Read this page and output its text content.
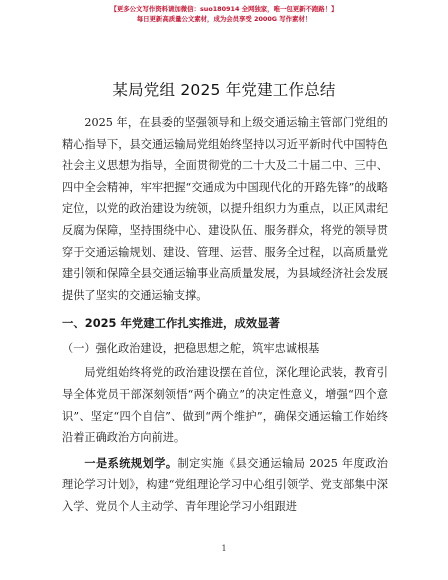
【更多公文写作资料请加微信：suo180914 全网独家，唯一包更新不跑路！】
每日更新高质量公文素材，成为会员享受 2000G 写作素材！
某局党组 2025 年党建工作总结

2025 年，在县委的坚强领导和上级交通运输主管部门党组的精心指导下，县交通运输局党组始终坚持以习近平新时代中国特色社会主义思想为指导，全面贯彻党的二十大及二十届二中、三中、四中全会精神，牢牢把握“交通成为中国现代化的开路先锋”的战略定位，以党的政治建设为统领，以提升组织力为重点，以正风肃纪反腐为保障，坚持围绕中心、建设队伍、服务群众，将党的领导贯穿于交通运输规划、建设、管理、运营、服务全过程，以高质量党建引领和保障全县交通运输事业高质量发展，为县域经济社会发展提供了坚实的交通运输支撑。

一、2025 年党建工作扎实推进，成效显著

（一）强化政治建设，把稳思想之舵，筑牢忠诚根基

局党组始终将党的政治建设摆在首位，深化理论武装，教育引导全体党员干部深刻领悟“两个确立”的决定性意义，增强“四个意识”、坚定“四个自信”、做到“两个维护”，确保交通运输工作始终沿着正确政治方向前进。

一是系统规划学。制定实施《县交通运输局 2025 年度政治理论学习计划》，构建“党组理论学习中心组引领学、党支部集中深入学、党员个人主动学、青年理论学习小组跟进

1
